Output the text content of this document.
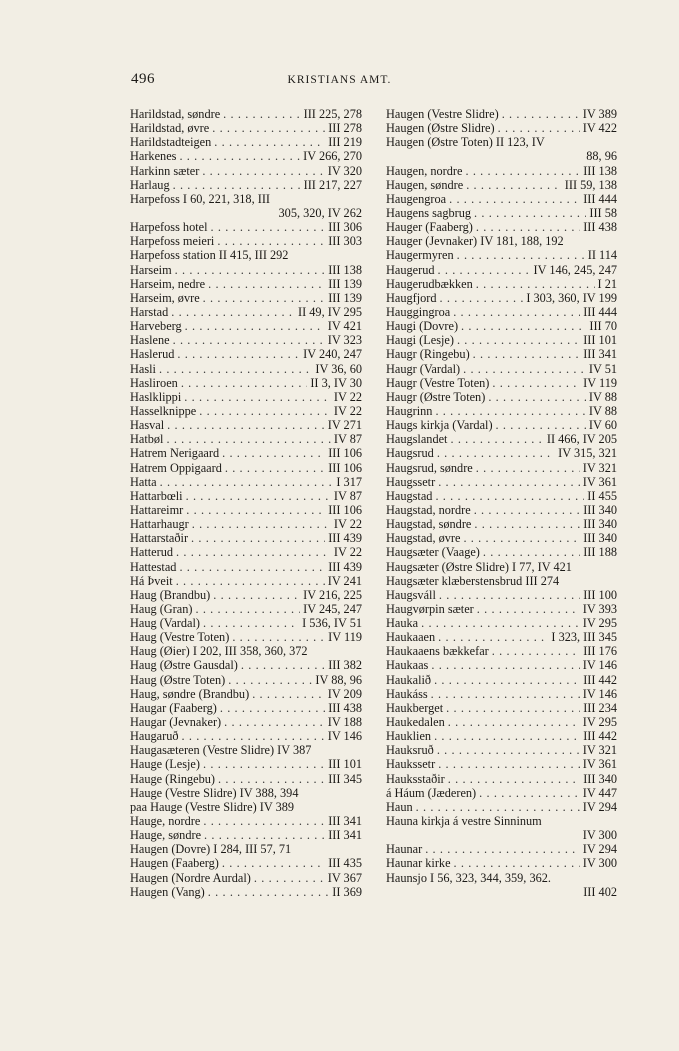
496	KRISTIANS AMT.
Harildstad, søndre . . .	III 225, 278
Harildstad, øvre . . .	III 278
Harildstadteigen . . .	III 219
Harkenes . . .	IV 266, 270
Harkinn sæter . . .	IV 320
Harlaug . . .	III 217, 227
Harpefoss I 60, 221, 318, III
305, 320, IV 262
Harpefoss hotel . . .	III 306
Harpefoss meieri . . .	III 303
Harpefoss station II 415, III 292
Harseim . . .	III 138
Harseim, nedre . . .	III 139
Harseim, øvre . . .	III 139
Harstad . . .	II 49, IV 295
Harveberg . . .	IV 421
Haslene . . .	IV 323
Haslerud . . .	IV 240, 247
Hasli . . .	IV 36, 60
Hasliroen . . .	II 3, IV 30
Haslklippi . . .	IV 22
Hasselknippe . . .	IV 22
Hasval . . .	IV 271
Hatbøl . . .	IV 87
Hatrem Nerigaard . . .	III 106
Hatrem Oppigaard . . .	III 106
Hatta . . .	I 317
Hattarbœli . . .	IV 87
Hattareimr . . .	III 106
Hattarhaugr . . .	IV 22
Hattarstaðir . . .	III 439
Hatterud . . .	IV 22
Hattestad . . .	III 439
Há Þveit . . .	IV 241
Haug (Brandbu) . . .	IV 216, 225
Haug (Gran) . . .	IV 245, 247
Haug (Vardal) . . .	I 536, IV 51
Haug (Vestre Toten) . . .	IV 119
Haug (Øier) I 202, III 358, 360, 372
Haug (Østre Gausdal) . . .	III 382
Haug (Østre Toten) . . .	IV 88, 96
Haug, søndre (Brandbu) . . .	IV 209
Haugar (Faaberg) . . .	III 438
Haugar (Jevnaker) . . .	IV 188
Haugaruð . . .	IV 146
Haugasæteren (Vestre Slidre) IV 387
Hauge (Lesje) . . .	III 101
Hauge (Ringebu) . . .	III 345
Hauge (Vestre Slidre) IV 388, 394
paa Hauge (Vestre Slidre) IV 389
Hauge, nordre . . .	III 341
Hauge, søndre . . .	III 341
Haugen (Dovre) I 284, III 57, 71
Haugen (Faaberg) . . .	III 435
Haugen (Nordre Aurdal) . . .	IV 367
Haugen (Vang) . . .	II 369
Haugen (Vestre Slidre) . . .	IV 389
Haugen (Østre Slidre) . . .	IV 422
Haugen (Østre Toten) II 123, IV
88, 96
Haugen, nordre . . .	III 138
Haugen, søndre . . .	III 59, 138
Haugengroa . . .	III 444
Haugens sagbrug . . .	III 58
Hauger (Faaberg) . . .	III 438
Hauger (Jevnaker) IV 181, 188, 192
Haugermyren . . .	II 114
Haugerud . . .	IV 146, 245, 247
Haugerudbækken . . .	I 21
Haugfjord . . .	I 303, 360, IV 199
Hauggingroa . . .	III 444
Haugi (Dovre) . . .	III 70
Haugi (Lesje) . . .	III 101
Haugr (Ringebu) . . .	III 341
Haugr (Vardal) . . .	IV 51
Haugr (Vestre Toten) . . .	IV 119
Haugr (Østre Toten) . . .	IV 88
Haugrinn . . .	IV 88
Haugs kirkja (Vardal) . . .	IV 60
Haugslandet . . .	II 466, IV 205
Haugsrud . . .	IV 315, 321
Haugsrud, søndre . . .	IV 321
Haugssetr . . .	IV 361
Haugstad . . .	II 455
Haugstad, nordre . . .	III 340
Haugstad, søndre . . .	III 340
Haugstad, øvre . . .	III 340
Haugsæter (Vaage) . . .	III 188
Haugsæter (Østre Slidre) I 77, IV 421
Haugsæter klæberstensbrud III 274
Haugsváll . . .	III 100
Haugvørpin sæter . . .	IV 393
Hauka . . .	IV 295
Haukaaen . . .	I 323, III 345
Haukaaens bækkefar . . .	III 176
Haukaas . . .	IV 146
Haukalið . . .	III 442
Haukáss . . .	IV 146
Haukberget . . .	III 234
Haukedalen . . .	IV 295
Hauklien . . .	III 442
Hauksruð . . .	IV 321
Haukssetr . . .	IV 361
Hauksstaðir . . .	III 340
á Háum (Jæderen) . . .	IV 447
Haun . . .	IV 294
Hauna kirkja á vestre Sinninum
IV 300
Haunar . . .	IV 294
Haunar kirke . . .	IV 300
Haunsjo I 56, 323, 344, 359, 362.
III 402
